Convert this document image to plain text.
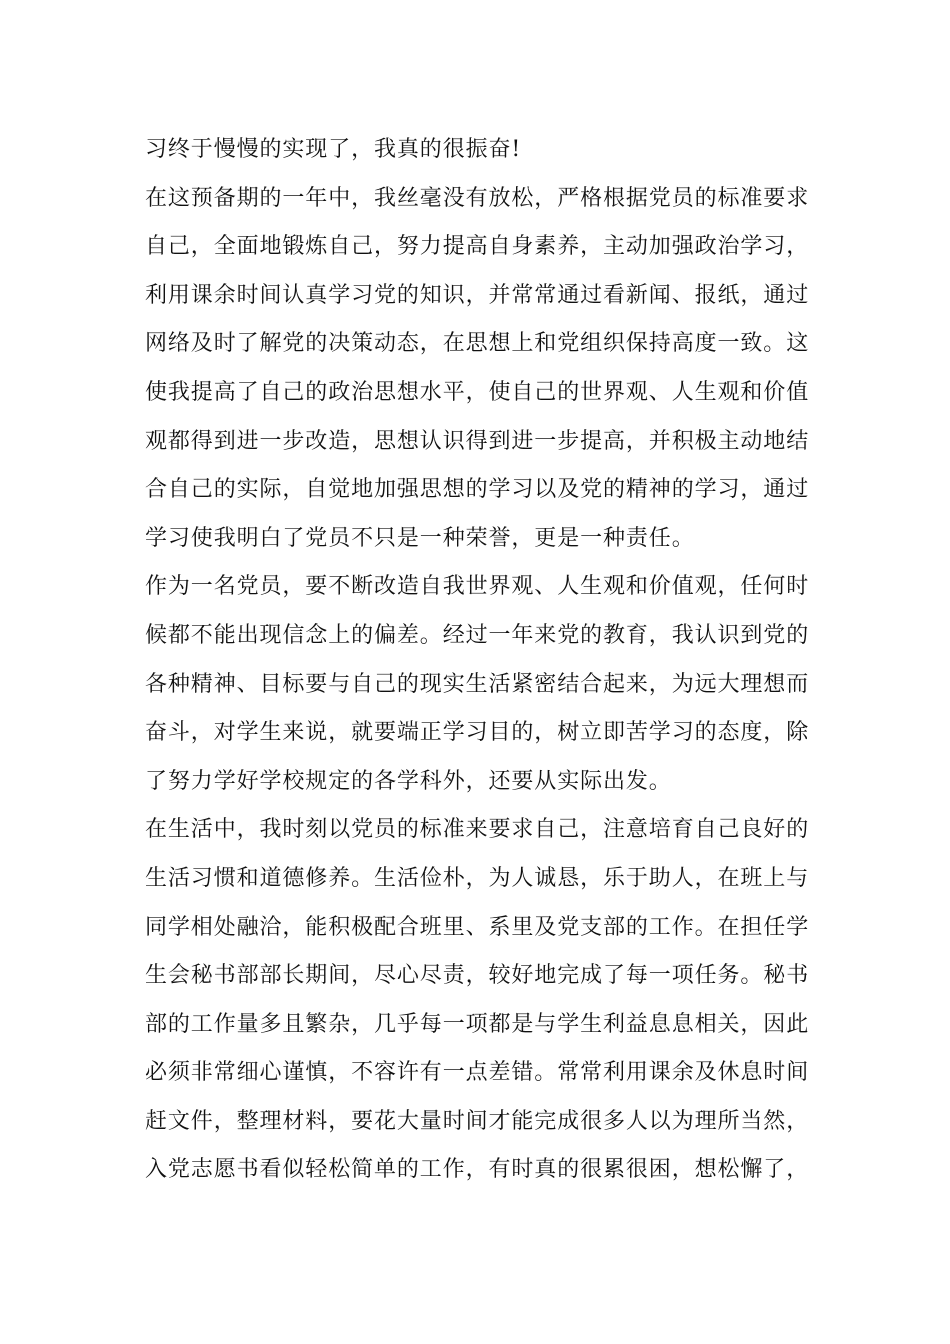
习终于慢慢的实现了，我真的很振奋!
在这预备期的一年中，我丝毫没有放松，严格根据党员的标准要求
自己，全面地锻炼自己，努力提高自身素养，主动加强政治学习，
利用课余时间认真学习党的知识，并常常通过看新闻、报纸，通过
网络及时了解党的决策动态，在思想上和党组织保持高度一致。这
使我提高了自己的政治思想水平，使自己的世界观、人生观和价值
观都得到进一步改造，思想认识得到进一步提高，并积极主动地结
合自己的实际，自觉地加强思想的学习以及党的精神的学习，通过
学习使我明白了党员不只是一种荣誉，更是一种责任。
作为一名党员，要不断改造自我世界观、人生观和价值观，任何时
候都不能出现信念上的偏差。经过一年来党的教育，我认识到党的
各种精神、目标要与自己的现实生活紧密结合起来，为远大理想而
奋斗，对学生来说，就要端正学习目的，树立即苦学习的态度，除
了努力学好学校规定的各学科外，还要从实际出发。
在生活中，我时刻以党员的标准来要求自己，注意培育自己良好的
生活习惯和道德修养。生活俭朴，为人诚恳，乐于助人，在班上与
同学相处融洽，能积极配合班里、系里及党支部的工作。在担任学
生会秘书部部长期间，尽心尽责，较好地完成了每一项任务。秘书
部的工作量多且繁杂，几乎每一项都是与学生利益息息相关，因此
必须非常细心谨慎，不容许有一点差错。常常利用课余及休息时间
赶文件，整理材料，要花大量时间才能完成很多人以为理所当然，
入党志愿书看似轻松简单的工作，有时真的很累很困，想松懈了，
